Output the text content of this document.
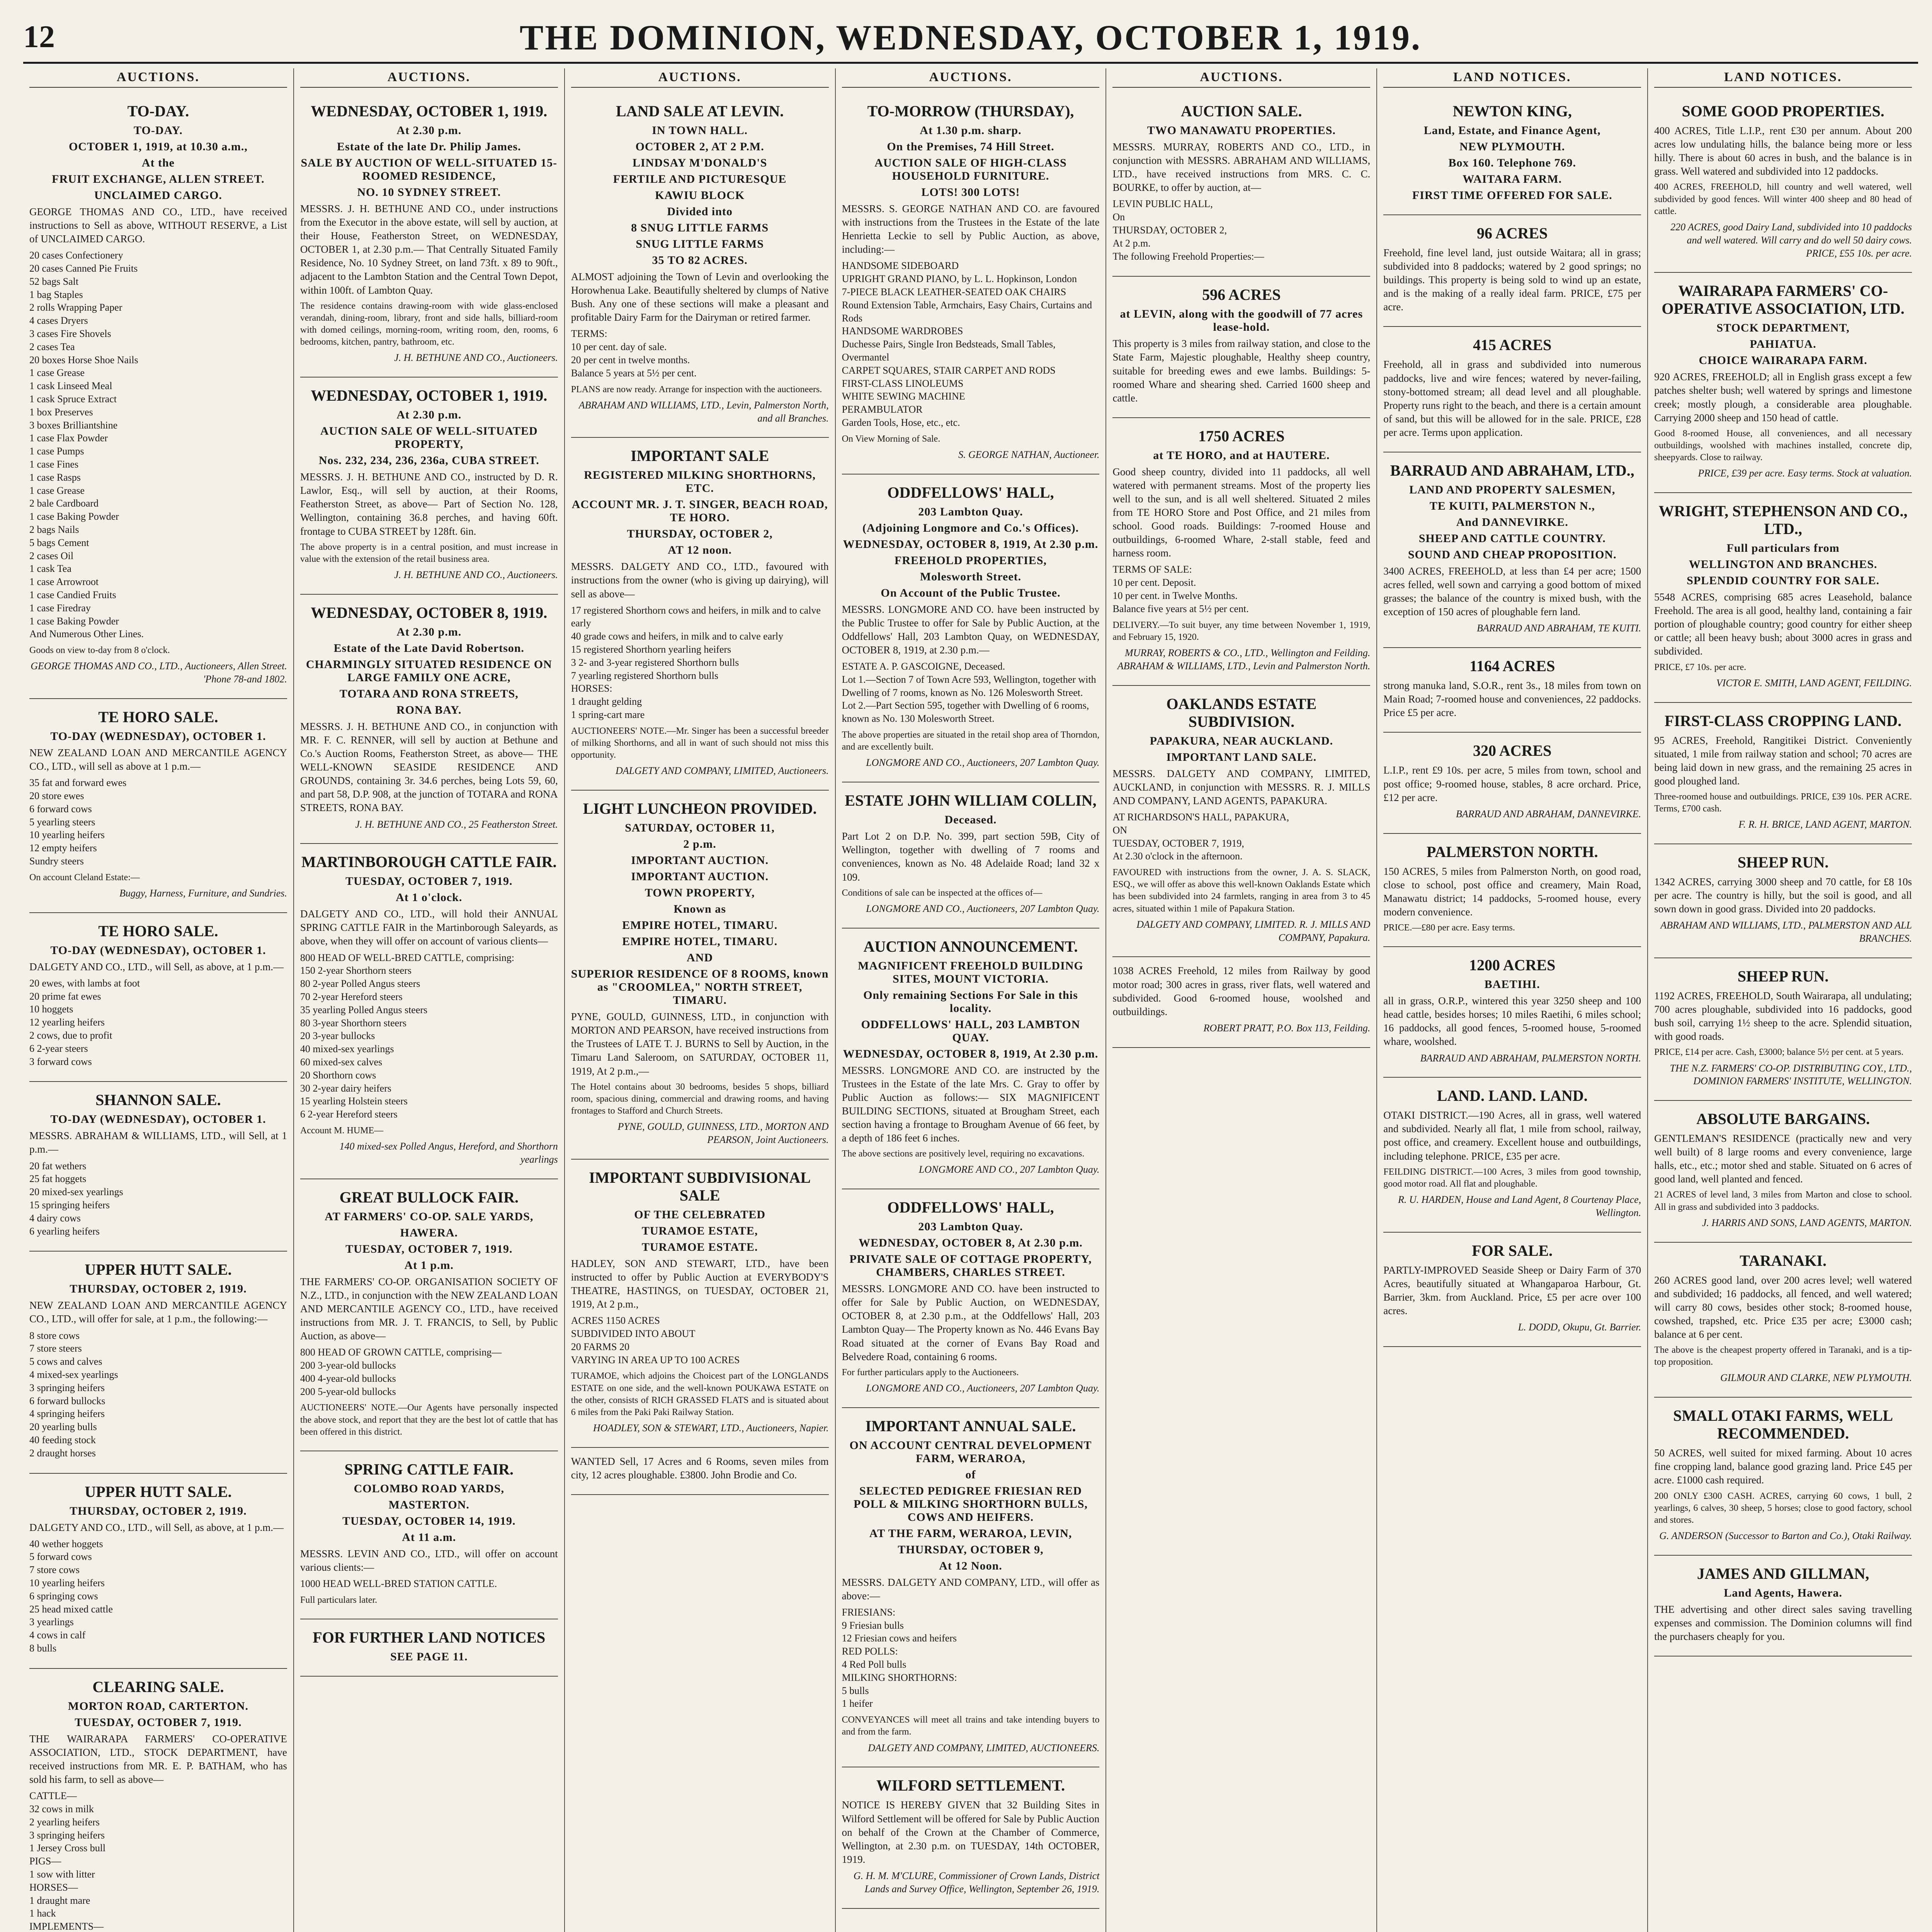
12	THE DOMINION, WEDNESDAY, OCTOBER 1, 1919.
AUCTIONS.
TO-DAY.
TO-DAY.
OCTOBER 1, 1919, at 10.30 a.m.,
At the
FRUIT EXCHANGE, ALLEN STREET.
UNCLAIMED CARGO.

GEORGE THOMAS AND CO., LTD., have received instructions to Sell as above, WITHOUT RESERVE, a List of UNCLAIMED CARGO.

20 cases Confectionery
20 cases Canned Pie Fruits
52 bags Salt
1 bag Staples
2 rolls Wrapping Paper
4 cases Dryers
3 cases Fire Shovels
2 cases Tea
20 boxes Horse Shoe Nails
1 case Grease
1 cask Linseed Meal
1 cask Spruce Extract
1 box Preserves
3 boxes Brilliantshine
1 case Flax Powder
1 case Pumps
1 case Fines
1 case Rasps
1 case Grease
2 bale Cardboard
1 case Baking Powder
2 bags Nails
5 bags Cement
2 cases Oil
1 cask Tea
1 case Arrowroot
1 case Candied Fruits
1 case Firedray
1 case Baking Powder
And Numerous Other Lines.

Goods on view to-day from 8 o'clock.

GEORGE THOMAS AND CO., LTD., Auctioneers, Allen Street. 'Phone 78-and 1802.

TE HORO SALE.
TO-DAY (WEDNESDAY), OCTOBER 1.

NEW ZEALAND LOAN AND MERCANTILE AGENCY CO., LTD., will sell as above at 1 p.m.—

35 fat and forward ewes
20 store ewes
6 forward cows
5 yearling steers
10 yearling heifers
12 empty heifers
Sundry steers

On account Cleland Estate:—

Buggy, Harness, Furniture, and Sundries.

TE HORO SALE.
TO-DAY (WEDNESDAY), OCTOBER 1.

DALGETY AND CO., LTD., will Sell, as above, at 1 p.m.—

20 ewes, with lambs at foot
20 prime fat ewes
10 hoggets
12 yearling heifers
2 cows, due to profit
6 2-year steers
3 forward cows
SHANNON SALE.
TO-DAY (WEDNESDAY), OCTOBER 1.

MESSRS. ABRAHAM & WILLIAMS, LTD., will Sell, at 1 p.m.—

20 fat wethers
25 fat hoggets
20 mixed-sex yearlings
15 springing heifers
4 dairy cows
6 yearling heifers
UPPER HUTT SALE.
THURSDAY, OCTOBER 2, 1919.

NEW ZEALAND LOAN AND MERCANTILE AGENCY CO., LTD., will offer for sale, at 1 p.m., the following:—

8 store cows
7 store steers
5 cows and calves
4 mixed-sex yearlings
3 springing heifers
6 forward bullocks
4 springing heifers
20 yearling bulls
40 feeding stock
2 draught horses
UPPER HUTT SALE.
THURSDAY, OCTOBER 2, 1919.

DALGETY AND CO., LTD., will Sell, as above, at 1 p.m.—

40 wether hoggets
5 forward cows
7 store cows
10 yearling heifers
6 springing cows
25 head mixed cattle
3 yearlings
4 cows in calf
8 bulls
CLEARING SALE.
MORTON ROAD, CARTERTON.
TUESDAY, OCTOBER 7, 1919.

THE WAIRARAPA FARMERS' CO-OPERATIVE ASSOCIATION, LTD., STOCK DEPARTMENT, have received instructions from MR. E. P. BATHAM, who has sold his farm, to sell as above—

CATTLE—
32 cows in milk
2 yearling heifers
3 springing heifers
1 Jersey Cross bull
PIGS—
1 sow with litter
HORSES—
1 draught mare
1 hack
IMPLEMENTS—

AUCTIONS.
WEDNESDAY, OCTOBER 1, 1919.
At 2.30 p.m.
Estate of the late Dr. Philip James.
SALE BY AUCTION OF WELL-SITUATED 15-ROOMED RESIDENCE,
NO. 10 SYDNEY STREET.

MESSRS. J. H. BETHUNE AND CO., under instructions from the Executor in the above estate, will sell by auction, at their House, Featherston Street, on WEDNESDAY, OCTOBER 1, at 2.30 p.m.— That Centrally Situated Family Residence, No. 10 Sydney Street, on land 73ft. x 89 to 90ft., adjacent to the Lambton Station and the Central Town Depot, within 100ft. of Lambton Quay.

The residence contains drawing-room with wide glass-enclosed verandah, dining-room, library, front and side halls, billiard-room with domed ceilings, morning-room, writing room, den, rooms, 6 bedrooms, kitchen, pantry, bathroom, etc.

J. H. BETHUNE AND CO., Auctioneers.

WEDNESDAY, OCTOBER 1, 1919.
At 2.30 p.m.
AUCTION SALE OF WELL-SITUATED PROPERTY,
Nos. 232, 234, 236, 236a, CUBA STREET.

MESSRS. J. H. BETHUNE AND CO., instructed by D. R. Lawlor, Esq., will sell by auction, at their Rooms, Featherston Street, as above— Part of Section No. 128, Wellington, containing 36.8 perches, and having 60ft. frontage to CUBA STREET by 128ft. 6in.

The above property is in a central position, and must increase in value with the extension of the retail business area.

J. H. BETHUNE AND CO., Auctioneers.

WEDNESDAY, OCTOBER 8, 1919.
At 2.30 p.m.
Estate of the Late David Robertson.
CHARMINGLY SITUATED RESIDENCE ON LARGE FAMILY ONE ACRE,
TOTARA AND RONA STREETS,
RONA BAY.

MESSRS. J. H. BETHUNE AND CO., in conjunction with MR. F. C. RENNER, will sell by auction at Bethune and Co.'s Auction Rooms, Featherston Street, as above— THE WELL-KNOWN SEASIDE RESIDENCE AND GROUNDS, containing 3r. 34.6 perches, being Lots 59, 60, and part 58, D.P. 908, at the junction of TOTARA and RONA STREETS, RONA BAY.

J. H. BETHUNE AND CO., 25 Featherston Street.

MARTINBOROUGH CATTLE FAIR.
TUESDAY, OCTOBER 7, 1919.
At 1 o'clock.

DALGETY AND CO., LTD., will hold their ANNUAL SPRING CATTLE FAIR in the Martinborough Saleyards, as above, when they will offer on account of various clients—

800 HEAD OF WELL-BRED CATTLE, comprising:
150 2-year Shorthorn steers
80 2-year Polled Angus steers
70 2-year Hereford steers
35 yearling Polled Angus steers
80 3-year Shorthorn steers
20 3-year bullocks
40 mixed-sex yearlings
60 mixed-sex calves
20 Shorthorn cows
30 2-year dairy heifers
15 yearling Holstein steers
6 2-year Hereford steers

Account M. HUME—

140 mixed-sex Polled Angus, Hereford, and Shorthorn yearlings

GREAT BULLOCK FAIR.
AT FARMERS' CO-OP. SALE YARDS,
HAWERA.
TUESDAY, OCTOBER 7, 1919.
At 1 p.m.

THE FARMERS' CO-OP. ORGANISATION SOCIETY OF N.Z., LTD., in conjunction with the NEW ZEALAND LOAN AND MERCANTILE AGENCY CO., LTD., have received instructions from MR. J. T. FRANCIS, to Sell, by Public Auction, as above—

800 HEAD OF GROWN CATTLE, comprising—
200 3-year-old bullocks
400 4-year-old bullocks
200 5-year-old bullocks

AUCTIONEERS' NOTE.—Our Agents have personally inspected the above stock, and report that they are the best lot of cattle that has been offered in this district.

SPRING CATTLE FAIR.
COLOMBO ROAD YARDS,
MASTERTON.
TUESDAY, OCTOBER 14, 1919.
At 11 a.m.

MESSRS. LEVIN AND CO., LTD., will offer on account various clients:—

1000 HEAD WELL-BRED STATION CATTLE.

Full particulars later.

FOR FURTHER LAND NOTICES
SEE PAGE 11.
AUCTIONS.
LAND SALE AT LEVIN.
IN TOWN HALL.
OCTOBER 2, AT 2 P.M.
LINDSAY M'DONALD'S
FERTILE AND PICTURESQUE
KAWIU BLOCK
Divided into
8 SNUG LITTLE FARMS
SNUG LITTLE FARMS
35 TO 82 ACRES.

ALMOST adjoining the Town of Levin and overlooking the Horowhenua Lake. Beautifully sheltered by clumps of Native Bush. Any one of these sections will make a pleasant and profitable Dairy Farm for the Dairyman or retired farmer.

TERMS:
10 per cent. day of sale.
20 per cent in twelve months.
Balance 5 years at 5½ per cent.

PLANS are now ready. Arrange for inspection with the auctioneers.

ABRAHAM AND WILLIAMS, LTD., Levin, Palmerston North, and all Branches.

IMPORTANT SALE
REGISTERED MILKING SHORTHORNS, ETC.
ACCOUNT MR. J. T. SINGER, BEACH ROAD, TE HORO.
THURSDAY, OCTOBER 2,
AT 12 noon.

MESSRS. DALGETY AND CO., LTD., favoured with instructions from the owner (who is giving up dairying), will sell as above—

17 registered Shorthorn cows and heifers, in milk and to calve early
40 grade cows and heifers, in milk and to calve early
15 registered Shorthorn yearling heifers
3 2- and 3-year registered Shorthorn bulls
7 yearling registered Shorthorn bulls
HORSES:
1 draught gelding
1 spring-cart mare

AUCTIONEERS' NOTE.—Mr. Singer has been a successful breeder of milking Shorthorns, and all in want of such should not miss this opportunity.

DALGETY AND COMPANY, LIMITED, Auctioneers.

LIGHT LUNCHEON PROVIDED.
SATURDAY, OCTOBER 11,
2 p.m.
IMPORTANT AUCTION.
IMPORTANT AUCTION.
TOWN PROPERTY,
Known as
EMPIRE HOTEL, TIMARU.
EMPIRE HOTEL, TIMARU.
AND
SUPERIOR RESIDENCE OF 8 ROOMS, known as "CROOMLEA," NORTH STREET, TIMARU.

PYNE, GOULD, GUINNESS, LTD., in conjunction with MORTON AND PEARSON, have received instructions from the Trustees of LATE T. J. BURNS to Sell by Auction, in the Timaru Land Saleroom, on SATURDAY, OCTOBER 11, 1919, At 2 p.m.,—

The Hotel contains about 30 bedrooms, besides 5 shops, billiard room, spacious dining, commercial and drawing rooms, and having frontages to Stafford and Church Streets.

PYNE, GOULD, GUINNESS, LTD., MORTON AND PEARSON, Joint Auctioneers.

IMPORTANT SUBDIVISIONAL SALE
OF THE CELEBRATED
TURAMOE ESTATE,
TURAMOE ESTATE.

HADLEY, SON AND STEWART, LTD., have been instructed to offer by Public Auction at EVERYBODY'S THEATRE, HASTINGS, on TUESDAY, OCTOBER 21, 1919, At 2 p.m.,

ACRES 1150 ACRES
SUBDIVIDED INTO ABOUT
20 FARMS 20
VARYING IN AREA UP TO 100 ACRES

TURAMOE, which adjoins the Choicest part of the LONGLANDS ESTATE on one side, and the well-known POUKAWA ESTATE on the other, consists of RICH GRASSED FLATS and is situated about 6 miles from the Paki Paki Railway Station.

HOADLEY, SON & STEWART, LTD., Auctioneers, Napier.

WANTED Sell, 17 Acres and 6 Rooms, seven miles from city, 12 acres ploughable. £3800. John Brodie and Co.

AUCTIONS.
TO-MORROW (THURSDAY),
At 1.30 p.m. sharp.
On the Premises, 74 Hill Street.
AUCTION SALE OF HIGH-CLASS HOUSEHOLD FURNITURE.
LOTS! 300 LOTS!

MESSRS. S. GEORGE NATHAN AND CO. are favoured with instructions from the Trustees in the Estate of the late Henrietta Leckie to sell by Public Auction, as above, including:—

HANDSOME SIDEBOARD
UPRIGHT GRAND PIANO, by L. L. Hopkinson, London
7-PIECE BLACK LEATHER-SEATED OAK CHAIRS
Round Extension Table, Armchairs, Easy Chairs, Curtains and Rods
HANDSOME WARDROBES
Duchesse Pairs, Single Iron Bedsteads, Small Tables, Overmantel
CARPET SQUARES, STAIR CARPET AND RODS
FIRST-CLASS LINOLEUMS
WHITE SEWING MACHINE
PERAMBULATOR
Garden Tools, Hose, etc., etc.

On View Morning of Sale.

S. GEORGE NATHAN, Auctioneer.

ODDFELLOWS' HALL,
203 Lambton Quay.
(Adjoining Longmore and Co.'s Offices).
WEDNESDAY, OCTOBER 8, 1919, At 2.30 p.m.
FREEHOLD PROPERTIES,
Molesworth Street.
On Account of the Public Trustee.

MESSRS. LONGMORE AND CO. have been instructed by the Public Trustee to offer for Sale by Public Auction, at the Oddfellows' Hall, 203 Lambton Quay, on WEDNESDAY, OCTOBER 8, 1919, at 2.30 p.m.—

ESTATE A. P. GASCOIGNE, Deceased.
Lot 1.—Section 7 of Town Acre 593, Wellington, together with Dwelling of 7 rooms, known as No. 126 Molesworth Street.
Lot 2.—Part Section 595, together with Dwelling of 6 rooms, known as No. 130 Molesworth Street.

The above properties are situated in the retail shop area of Thorndon, and are excellently built.

LONGMORE AND CO., Auctioneers, 207 Lambton Quay.

ESTATE JOHN WILLIAM COLLIN,
Deceased.

Part Lot 2 on D.P. No. 399, part section 59B, City of Wellington, together with dwelling of 7 rooms and conveniences, known as No. 48 Adelaide Road; land 32 x 109.

Conditions of sale can be inspected at the offices of—

LONGMORE AND CO., Auctioneers, 207 Lambton Quay.

AUCTION ANNOUNCEMENT.
MAGNIFICENT FREEHOLD BUILDING SITES, MOUNT VICTORIA.
Only remaining Sections For Sale in this locality.
ODDFELLOWS' HALL, 203 LAMBTON QUAY.
WEDNESDAY, OCTOBER 8, 1919, At 2.30 p.m.

MESSRS. LONGMORE AND CO. are instructed by the Trustees in the Estate of the late Mrs. C. Gray to offer by Public Auction as follows:— SIX MAGNIFICENT BUILDING SECTIONS, situated at Brougham Street, each section having a frontage to Brougham Avenue of 66 feet, by a depth of 186 feet 6 inches.

The above sections are positively level, requiring no excavations.

LONGMORE AND CO., 207 Lambton Quay.

ODDFELLOWS' HALL,
203 Lambton Quay.
WEDNESDAY, OCTOBER 8, At 2.30 p.m.
PRIVATE SALE OF COTTAGE PROPERTY, CHAMBERS, CHARLES STREET.

MESSRS. LONGMORE AND CO. have been instructed to offer for Sale by Public Auction, on WEDNESDAY, OCTOBER 8, at 2.30 p.m., at the Oddfellows' Hall, 203 Lambton Quay— The Property known as No. 446 Evans Bay Road situated at the corner of Evans Bay Road and Belvedere Road, containing 6 rooms.

For further particulars apply to the Auctioneers.

LONGMORE AND CO., Auctioneers, 207 Lambton Quay.

IMPORTANT ANNUAL SALE.
ON ACCOUNT CENTRAL DEVELOPMENT FARM, WERAROA,
of
SELECTED PEDIGREE FRIESIAN RED POLL & MILKING SHORTHORN BULLS, COWS AND HEIFERS.
AT THE FARM, WERAROA, LEVIN,
THURSDAY, OCTOBER 9,
At 12 Noon.

MESSRS. DALGETY AND COMPANY, LTD., will offer as above:—

FRIESIANS:
9 Friesian bulls
12 Friesian cows and heifers
RED POLLS:
4 Red Poll bulls
MILKING SHORTHORNS:
5 bulls
1 heifer

CONVEYANCES will meet all trains and take intending buyers to and from the farm.

DALGETY AND COMPANY, LIMITED, AUCTIONEERS.

WILFORD SETTLEMENT.

NOTICE IS HEREBY GIVEN that 32 Building Sites in Wilford Settlement will be offered for Sale by Public Auction on behalf of the Crown at the Chamber of Commerce, Wellington, at 2.30 p.m. on TUESDAY, 14th OCTOBER, 1919.

G. H. M. M'CLURE, Commissioner of Crown Lands, District Lands and Survey Office, Wellington, September 26, 1919.

AUCTIONS.
AUCTION SALE.
TWO MANAWATU PROPERTIES.

MESSRS. MURRAY, ROBERTS AND CO., LTD., in conjunction with MESSRS. ABRAHAM AND WILLIAMS, LTD., have received instructions from MRS. C. C. BOURKE, to offer by auction, at—

LEVIN PUBLIC HALL,
On
THURSDAY, OCTOBER 2,
At 2 p.m.
The following Freehold Properties:—
596 ACRES
at LEVIN, along with the goodwill of 77 acres lease-hold.

This property is 3 miles from railway station, and close to the State Farm, Majestic ploughable, Healthy sheep country, suitable for breeding ewes and ewe lambs. Buildings: 5-roomed Whare and shearing shed. Carried 1600 sheep and cattle.

1750 ACRES
at TE HORO, and at HAUTERE.

Good sheep country, divided into 11 paddocks, all well watered with permanent streams. Most of the property lies well to the sun, and is all well sheltered. Situated 2 miles from TE HORO Store and Post Office, and 21 miles from school. Good roads. Buildings: 7-roomed House and outbuildings, 6-roomed Whare, 2-stall stable, feed and harness room.

TERMS OF SALE:
10 per cent. Deposit.
10 per cent. in Twelve Months.
Balance five years at 5½ per cent.

DELIVERY.—To suit buyer, any time between November 1, 1919, and February 15, 1920.

MURRAY, ROBERTS & CO., LTD., Wellington and Feilding. ABRAHAM & WILLIAMS, LTD., Levin and Palmerston North.

OAKLANDS ESTATE SUBDIVISION.
PAPAKURA, NEAR AUCKLAND.
IMPORTANT LAND SALE.

MESSRS. DALGETY AND COMPANY, LIMITED, AUCKLAND, in conjunction with MESSRS. R. J. MILLS AND COMPANY, LAND AGENTS, PAPAKURA.

AT RICHARDSON'S HALL, PAPAKURA,
ON
TUESDAY, OCTOBER 7, 1919,
At 2.30 o'clock in the afternoon.

FAVOURED with instructions from the owner, J. A. S. SLACK, ESQ., we will offer as above this well-known Oaklands Estate which has been subdivided into 24 farmlets, ranging in area from 3 to 45 acres, situated within 1 mile of Papakura Station.

DALGETY AND COMPANY, LIMITED. R. J. MILLS AND COMPANY, Papakura.

1038 ACRES Freehold, 12 miles from Railway by good motor road; 300 acres in grass, river flats, well watered and subdivided. Good 6-roomed house, woolshed and outbuildings.

ROBERT PRATT, P.O. Box 113, Feilding.

LAND NOTICES.
NEWTON KING,
Land, Estate, and Finance Agent,
NEW PLYMOUTH.
Box 160. Telephone 769.
WAITARA FARM.
FIRST TIME OFFERED FOR SALE.
96 ACRES

Freehold, fine level land, just outside Waitara; all in grass; subdivided into 8 paddocks; watered by 2 good springs; no buildings. This property is being sold to wind up an estate, and is the making of a really ideal farm. PRICE, £75 per acre.

415 ACRES

Freehold, all in grass and subdivided into numerous paddocks, live and wire fences; watered by never-failing, stony-bottomed stream; all dead level and all ploughable. Property runs right to the beach, and there is a certain amount of sand, but this will be allowed for in the sale. PRICE, £28 per acre. Terms upon application.

BARRAUD AND ABRAHAM, LTD.,
LAND AND PROPERTY SALESMEN,
TE KUITI, PALMERSTON N.,
And DANNEVIRKE.
SHEEP AND CATTLE COUNTRY.
SOUND AND CHEAP PROPOSITION.

3400 ACRES, FREEHOLD, at less than £4 per acre; 1500 acres felled, well sown and carrying a good bottom of mixed grasses; the balance of the country is mixed bush, with the exception of 150 acres of ploughable fern land.

BARRAUD AND ABRAHAM, TE KUITI.

1164 ACRES

strong manuka land, S.O.R., rent 3s., 18 miles from town on Main Road; 7-roomed house and conveniences, 22 paddocks. Price £5 per acre.

320 ACRES

L.I.P., rent £9 10s. per acre, 5 miles from town, school and post office; 9-roomed house, stables, 8 acre orchard. Price, £12 per acre.

BARRAUD AND ABRAHAM, DANNEVIRKE.

PALMERSTON NORTH.

150 ACRES, 5 miles from Palmerston North, on good road, close to school, post office and creamery, Main Road, Manawatu district; 14 paddocks, 5-roomed house, every modern convenience.

PRICE.—£80 per acre. Easy terms.

1200 ACRES
BAETIHI.

all in grass, O.R.P., wintered this year 3250 sheep and 100 head cattle, besides horses; 10 miles Raetihi, 6 miles school; 16 paddocks, all good fences, 5-roomed house, 5-roomed whare, woolshed.

BARRAUD AND ABRAHAM, PALMERSTON NORTH.

LAND. LAND. LAND.

OTAKI DISTRICT.—190 Acres, all in grass, well watered and subdivided. Nearly all flat, 1 mile from school, railway, post office, and creamery. Excellent house and outbuildings, including telephone. PRICE, £35 per acre.

FEILDING DISTRICT.—100 Acres, 3 miles from good township, good motor road. All flat and ploughable.

R. U. HARDEN, House and Land Agent, 8 Courtenay Place, Wellington.

FOR SALE.

PARTLY-IMPROVED Seaside Sheep or Dairy Farm of 370 Acres, beautifully situated at Whangaparoa Harbour, Gt. Barrier, 3km. from Auckland. Price, £5 per acre over 100 acres.

L. DODD, Okupu, Gt. Barrier.

LAND NOTICES.
SOME GOOD PROPERTIES.

400 ACRES, Title L.I.P., rent £30 per annum. About 200 acres low undulating hills, the balance being more or less hilly. There is about 60 acres in bush, and the balance is in grass. Well watered and subdivided into 12 paddocks.

400 ACRES, FREEHOLD, hill country and well watered, well subdivided by good fences. Will winter 400 sheep and 80 head of cattle.

220 ACRES, good Dairy Land, subdivided into 10 paddocks and well watered. Will carry and do well 50 dairy cows. PRICE, £55 10s. per acre.

WAIRARAPA FARMERS' CO-OPERATIVE ASSOCIATION, LTD.
STOCK DEPARTMENT,
PAHIATUA.
CHOICE WAIRARAPA FARM.

920 ACRES, FREEHOLD; all in English grass except a few patches shelter bush; well watered by springs and limestone creek; mostly plough, a considerable area ploughable. Carrying 2000 sheep and 150 head of cattle.

Good 8-roomed House, all conveniences, and all necessary outbuildings, woolshed with machines installed, concrete dip, sheepyards. Close to railway.

PRICE, £39 per acre. Easy terms. Stock at valuation.

WRIGHT, STEPHENSON AND CO., LTD.,
Full particulars from
WELLINGTON AND BRANCHES.
SPLENDID COUNTRY FOR SALE.

5548 ACRES, comprising 685 acres Leasehold, balance Freehold. The area is all good, healthy land, containing a fair portion of ploughable country; good country for either sheep or cattle; all been heavy bush; about 3000 acres in grass and subdivided.

PRICE, £7 10s. per acre.

VICTOR E. SMITH, LAND AGENT, FEILDING.

FIRST-CLASS CROPPING LAND.

95 ACRES, Freehold, Rangitikei District. Conveniently situated, 1 mile from railway station and school; 70 acres are being laid down in new grass, and the remaining 25 acres in good ploughed land.

Three-roomed house and outbuildings. PRICE, £39 10s. PER ACRE. Terms, £700 cash.

F. R. H. BRICE, LAND AGENT, MARTON.

SHEEP RUN.

1342 ACRES, carrying 3000 sheep and 70 cattle, for £8 10s per acre. The country is hilly, but the soil is good, and all sown down in good grass. Divided into 20 paddocks.

ABRAHAM AND WILLIAMS, LTD., PALMERSTON AND ALL BRANCHES.

SHEEP RUN.

1192 ACRES, FREEHOLD, South Wairarapa, all undulating; 700 acres ploughable, subdivided into 16 paddocks, good bush soil, carrying 1½ sheep to the acre. Splendid situation, with good roads.

PRICE, £14 per acre. Cash, £3000; balance 5½ per cent. at 5 years.

THE N.Z. FARMERS' CO-OP. DISTRIBUTING COY., LTD., DOMINION FARMERS' INSTITUTE, WELLINGTON.

ABSOLUTE BARGAINS.

GENTLEMAN'S RESIDENCE (practically new and very well built) of 8 large rooms and every convenience, large halls, etc., etc.; motor shed and stable. Situated on 6 acres of good land, well planted and fenced.

21 ACRES of level land, 3 miles from Marton and close to school. All in grass and subdivided into 3 paddocks.

J. HARRIS AND SONS, LAND AGENTS, MARTON.

TARANAKI.

260 ACRES good land, over 200 acres level; well watered and subdivided; 16 paddocks, all fenced, and well watered; will carry 80 cows, besides other stock; 8-roomed house, cowshed, trapshed, etc. Price £35 per acre; £3000 cash; balance at 6 per cent.

The above is the cheapest property offered in Taranaki, and is a tip-top proposition.

GILMOUR AND CLARKE, NEW PLYMOUTH.

SMALL OTAKI FARMS, WELL RECOMMENDED.

50 ACRES, well suited for mixed farming. About 10 acres fine cropping land, balance good grazing land. Price £45 per acre. £1000 cash required.

200 ONLY £300 CASH. ACRES, carrying 60 cows, 1 bull, 2 yearlings, 6 calves, 30 sheep, 5 horses; close to good factory, school and stores.

G. ANDERSON (Successor to Barton and Co.), Otaki Railway.

JAMES AND GILLMAN,
Land Agents, Hawera.

THE advertising and other direct sales saving travelling expenses and commission. The Dominion columns will find the purchasers cheaply for you.
